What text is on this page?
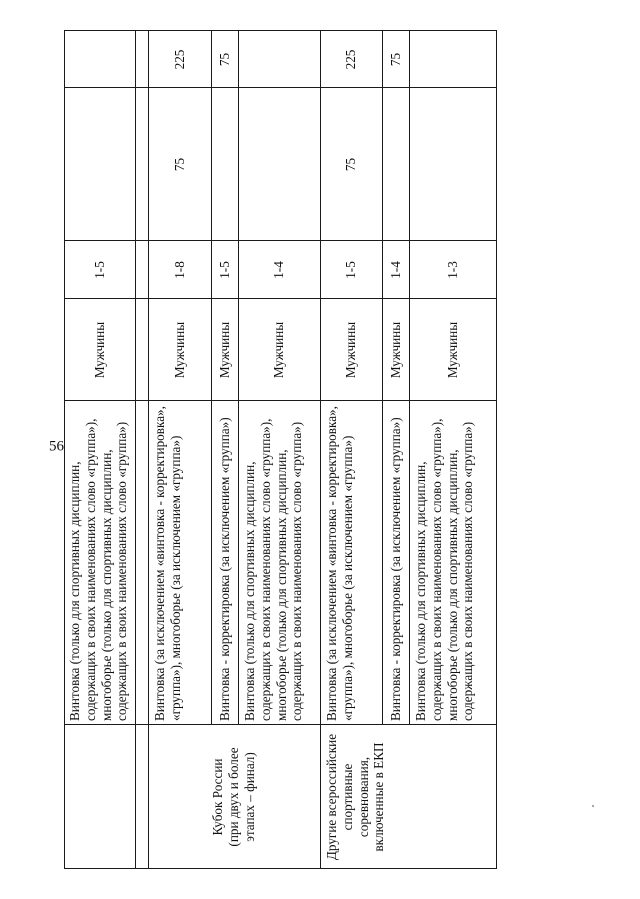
56
Винтовка (только для спортивных дисциплин, содержащих в своих наименованиях слово «группа»), многоборье (только для спортивных дисциплин, содержащих в своих наименованиях слово «группа»)
Мужчины
1-5
Кубок России (при двух и более этапах – финал)
Винтовка (за исключением «винтовка - корректировка», «группа»), многоборье (за исключением «группа»)
Мужчины
1-8
75
225
Винтовка - корректировка (за исключением «группа»)
Мужчины
1-5
75
Винтовка (только для спортивных дисциплин, содержащих в своих наименованиях слово «группа»), многоборье (только для спортивных дисциплин, содержащих в своих наименованиях слово «группа»)
Мужчины
1-4
Другие всероссийские спортивные соревнования, включенные в ЕКП
Винтовка (за исключением «винтовка - корректировка», «группа»), многоборье (за исключением «группа»)
Мужчины
1-5
75
225
Винтовка - корректировка (за исключением «группа»)
Мужчины
1-4
75
Винтовка (только для спортивных дисциплин, содержащих в своих наименованиях слово «группа»), многоборье (только для спортивных дисциплин, содержащих в своих наименованиях слово «группа»)
Мужчины
1-3
